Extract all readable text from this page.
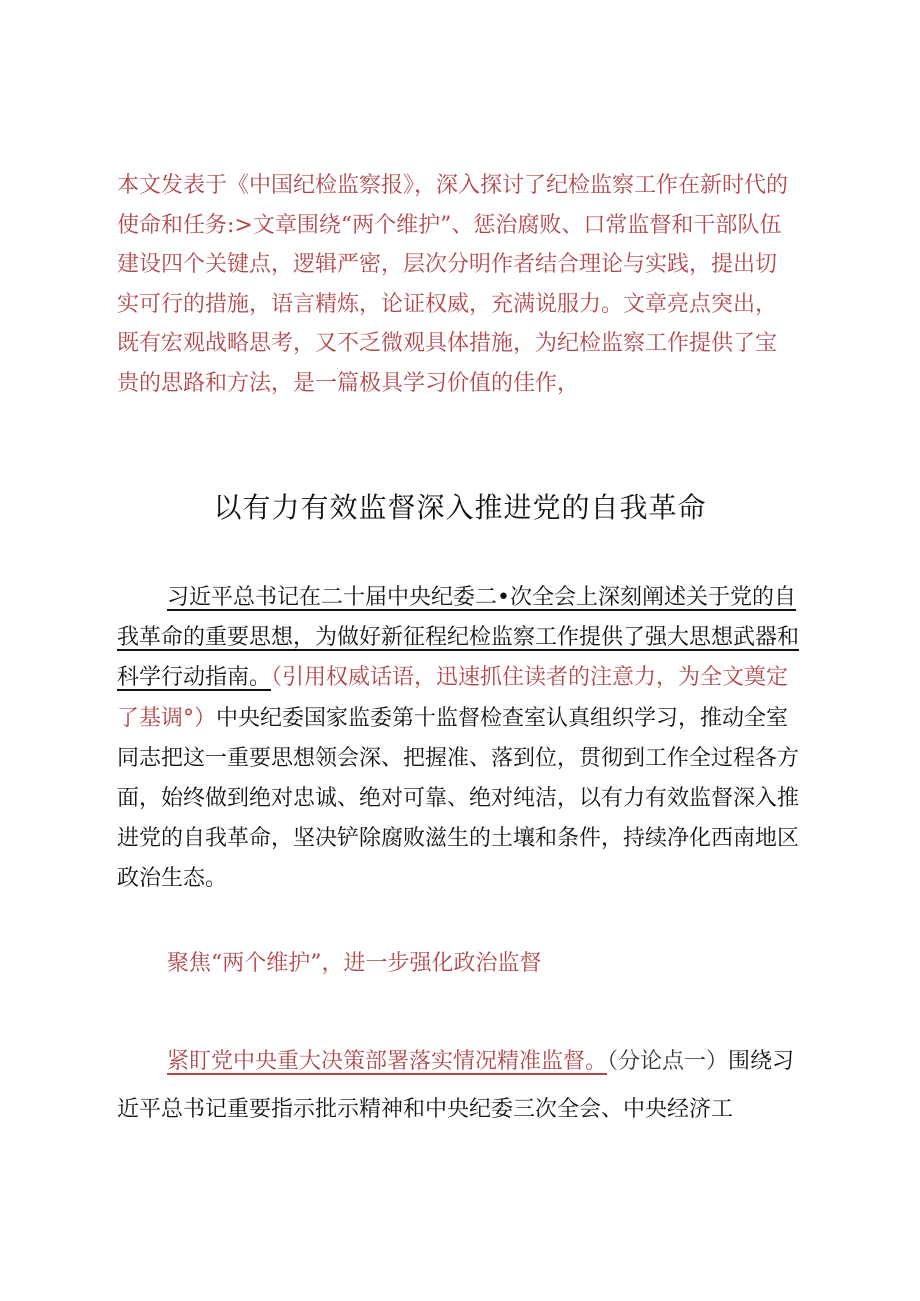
本文发表于《中国纪检监察报》，深入探讨了纪检监察工作在新时代的使命和任务:>文章围绕“两个维护”、惩治腐败、口常监督和干部队伍建设四个关键点，逻辑严密，层次分明作者结合理论与实践，提出切实可行的措施，语言精炼，论证权威，充满说服力。文章亮点突出，既有宏观战略思考，又不乏微观具体措施，为纪检监察工作提供了宝贵的思路和方法，是一篇极具学习价值的佳作，

以有力有效监督深入推进党的自我革命

习近平总书记在二十届中央纪委二•次全会上深刻阐述关于党的自我革命的重要思想，为做好新征程纪检监察工作提供了强大思想武器和科学行动指南。（引用权威话语，迅速抓住读者的注意力，为全文奠定了基调°）中央纪委国家监委第十监督检查室认真组织学习，推动全室同志把这一重要思想领会深、把握准、落到位，贯彻到工作全过程各方面，始终做到绝对忠诚、绝对可靠、绝对纯洁，以有力有效监督深入推进党的自我革命，坚决铲除腐败滋生的土壤和条件，持续净化西南地区政治生态。

聚焦“两个维护”，进一步强化政治监督

紧盯党中央重大决策部署落实情况精准监督。（分论点一）围绕习近平总书记重要指示批示精神和中央纪委三次全会、中央经济工
